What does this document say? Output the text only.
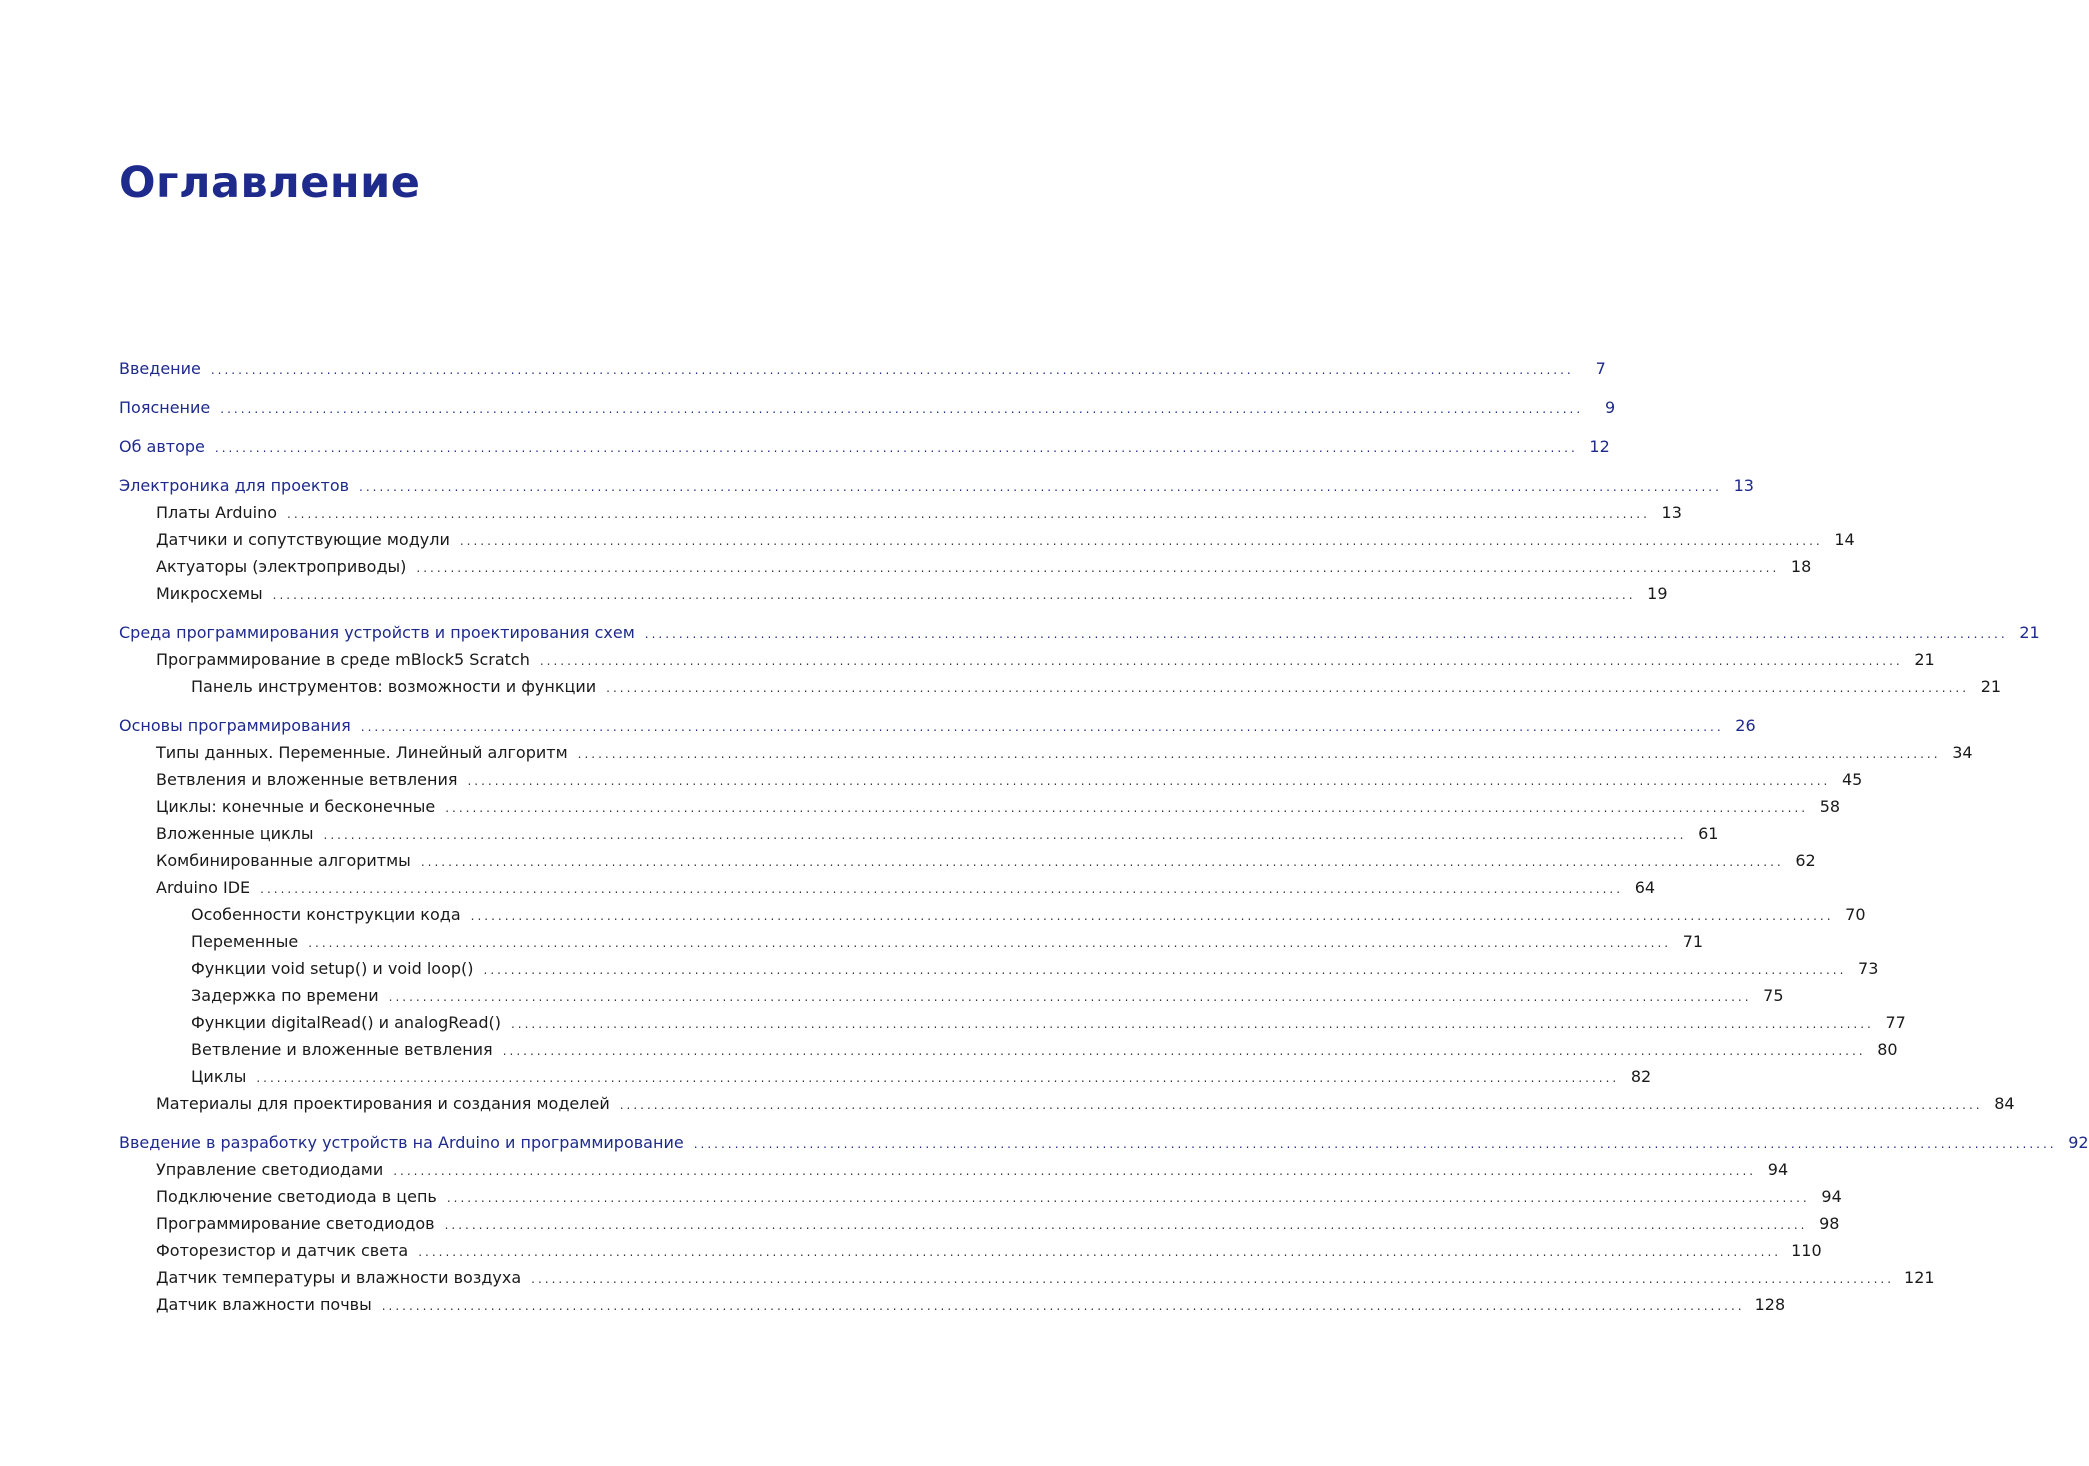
Оглавление
Введение ........................................................................................................................................................................................................	7
Пояснение ........................................................................................................................................................................................................	9
Об авторе ........................................................................................................................................................................................................ 12
Электроника для проектов ........................................................................................................................................................................................................ 13
Платы Arduino ........................................................................................................................................................................................................ 13
Датчики и сопутствующие модули ........................................................................................................................................................................................................ 14
Актуаторы (электроприводы) ........................................................................................................................................................................................................ 18
Микросхемы ........................................................................................................................................................................................................ 19
Среда программирования устройств и проектирования схем ........................................................................................................................................................................................................ 21
Программирование в среде mBlock5 Scratch ........................................................................................................................................................................................................ 21
Панель инструментов: возможности и функции ........................................................................................................................................................................................................ 21
Основы программирования ........................................................................................................................................................................................................ 26
Типы данных. Переменные. Линейный алгоритм ........................................................................................................................................................................................................ 34
Ветвления и вложенные ветвления ........................................................................................................................................................................................................ 45
Циклы: конечные и бесконечные ........................................................................................................................................................................................................ 58
Вложенные циклы ........................................................................................................................................................................................................ 61
Комбинированные алгоритмы ........................................................................................................................................................................................................ 62
Arduino IDE ........................................................................................................................................................................................................ 64
Особенности конструкции кода ........................................................................................................................................................................................................ 70
Переменные ........................................................................................................................................................................................................ 71
Функции void setup() и void loop() ........................................................................................................................................................................................................ 73
Задержка по времени ........................................................................................................................................................................................................ 75
Функции digitalRead() и analogRead() ........................................................................................................................................................................................................ 77
Ветвление и вложенные ветвления ........................................................................................................................................................................................................ 80
Циклы ........................................................................................................................................................................................................ 82
Материалы для проектирования и создания моделей ........................................................................................................................................................................................................ 84
Введение в разработку устройств на Arduino и программирование ........................................................................................................................................................................................................ 92
Управление светодиодами ........................................................................................................................................................................................................ 94
Подключение светодиода в цепь ........................................................................................................................................................................................................ 94
Программирование светодиодов ........................................................................................................................................................................................................ 98
Фоторезистор и датчик света ........................................................................................................................................................................................................ 110
Датчик температуры и влажности воздуха ........................................................................................................................................................................................................ 121
Датчик влажности почвы ........................................................................................................................................................................................................ 128
